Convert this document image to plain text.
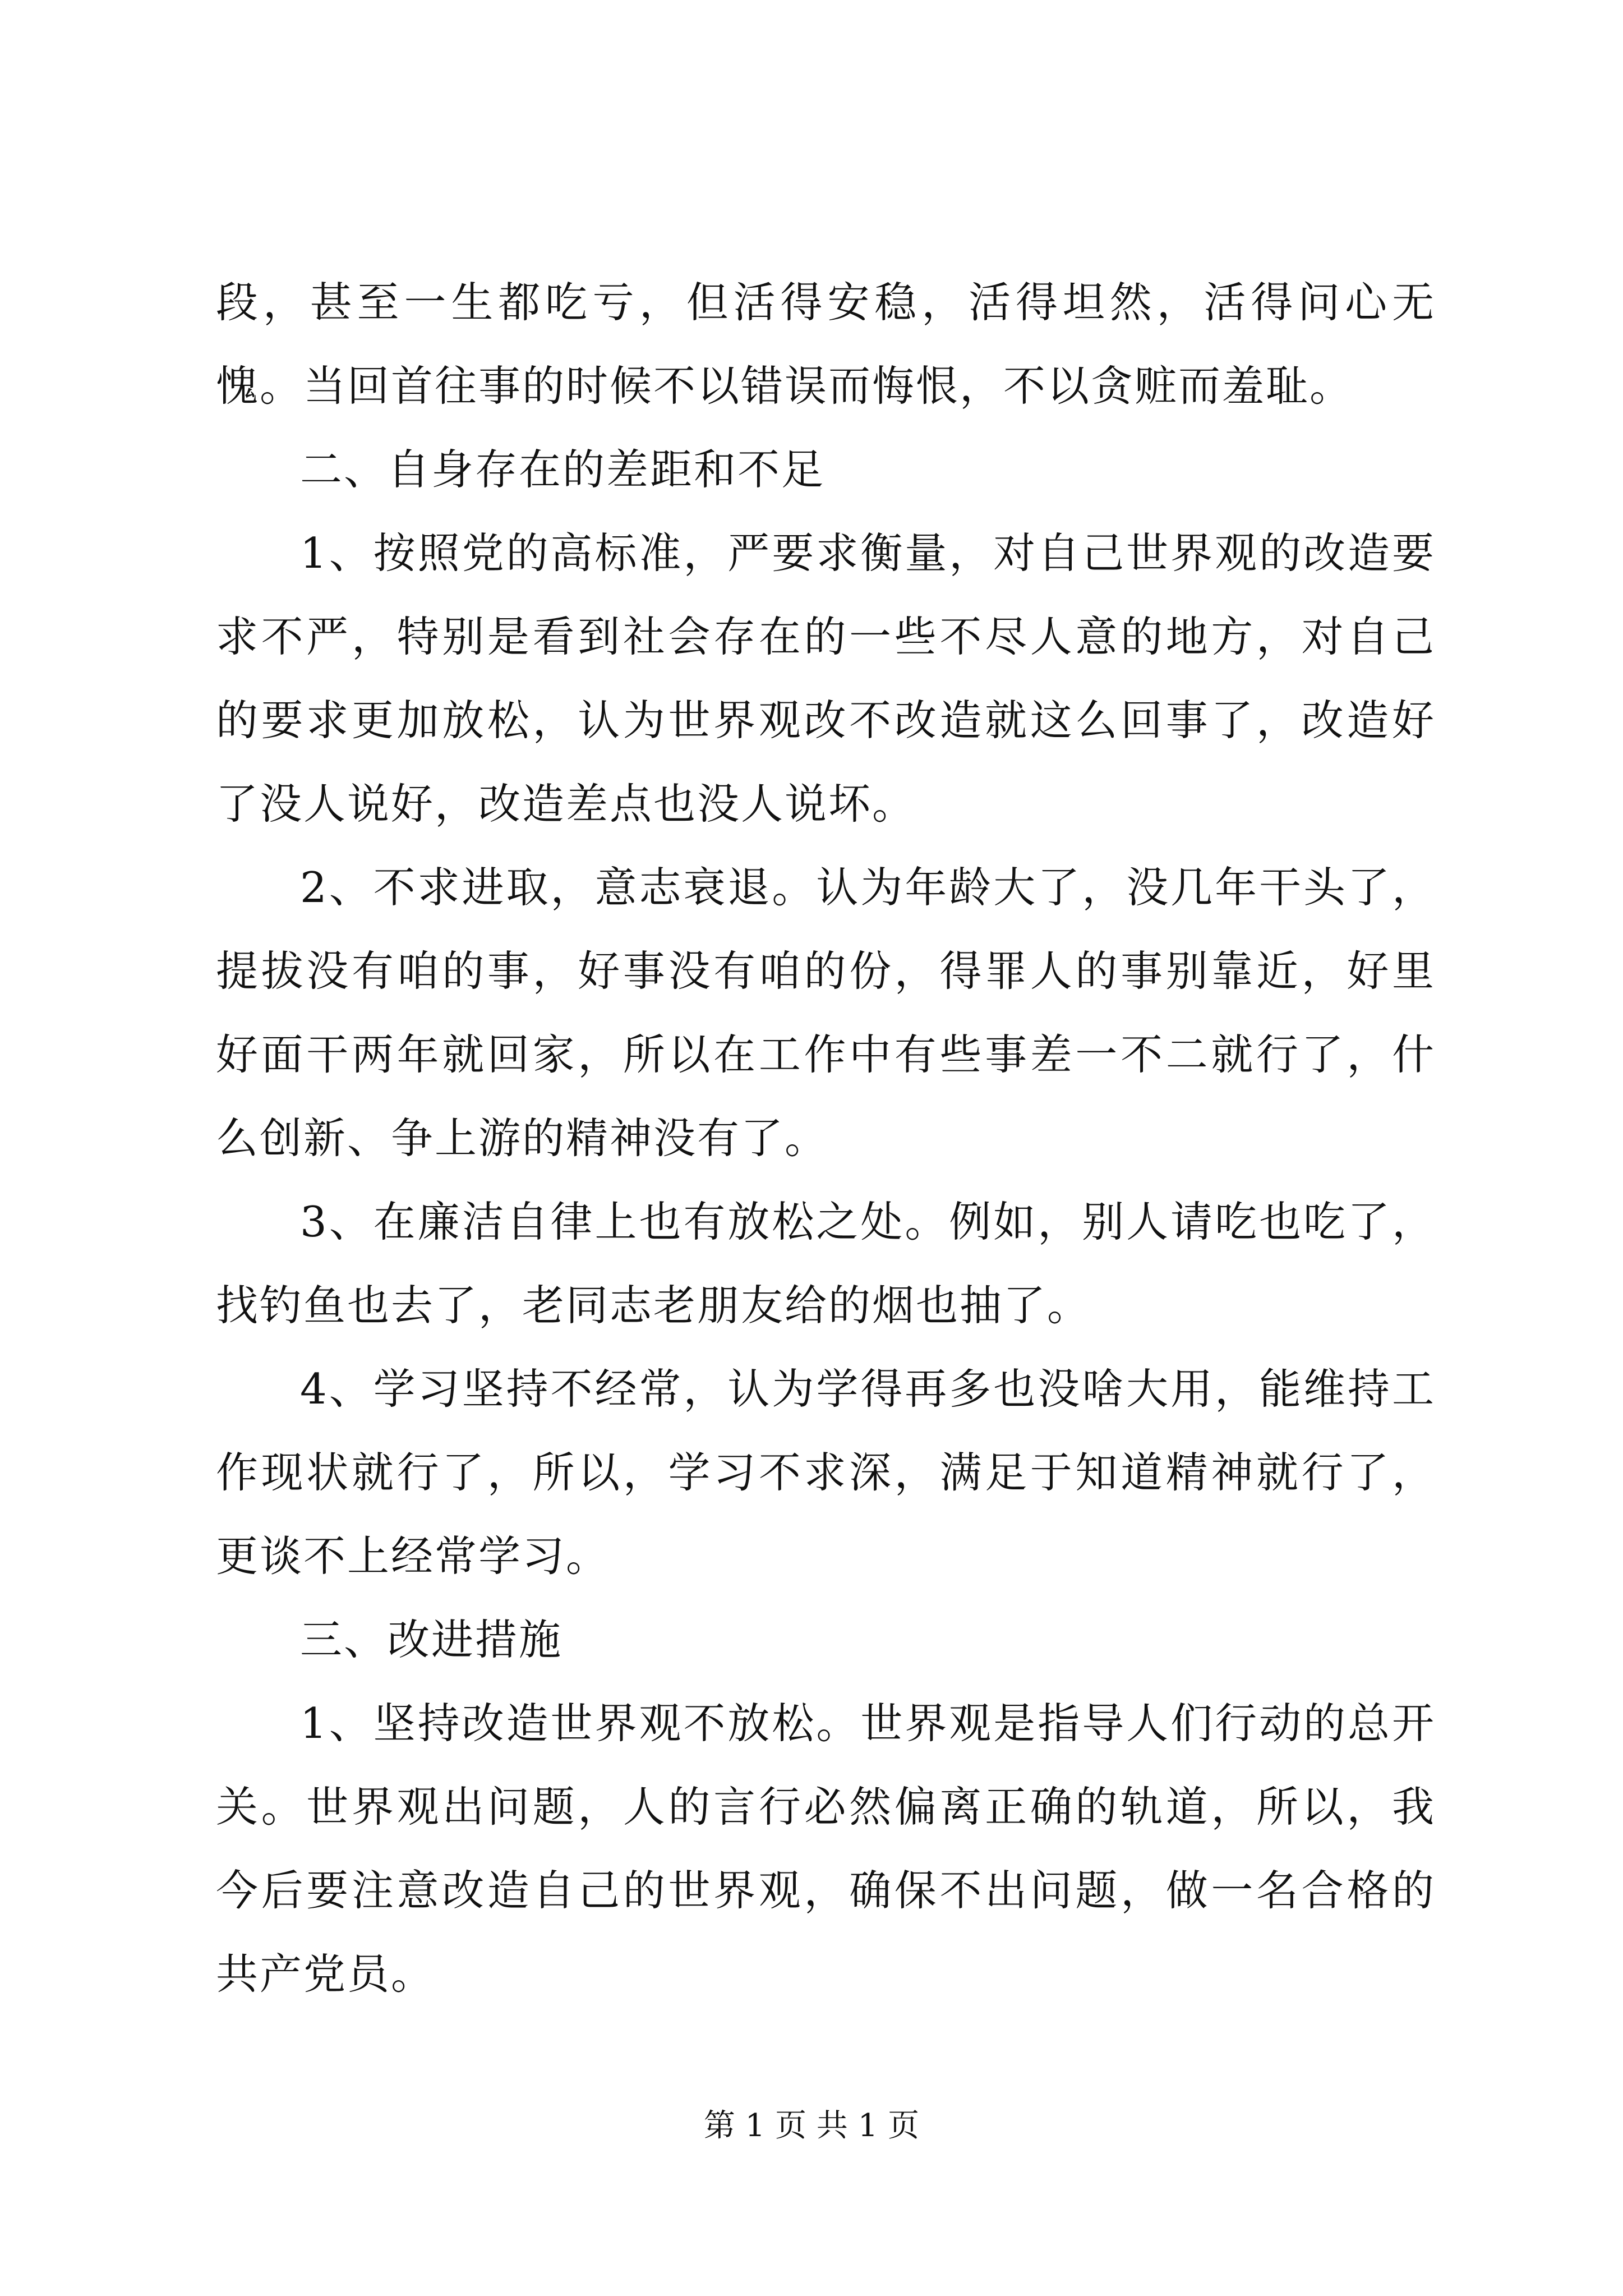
段，甚至一生都吃亏，但活得安稳，活得坦然，活得问心无愧。当回首往事的时候不以错误而悔恨，不以贪赃而羞耻。

二、自身存在的差距和不足

1、按照党的高标准，严要求衡量，对自己世界观的改造要求不严，特别是看到社会存在的一些不尽人意的地方，对自己的要求更加放松，认为世界观改不改造就这么回事了，改造好了没人说好，改造差点也没人说坏。

2、不求进取，意志衰退。认为年龄大了，没几年干头了，提拔没有咱的事，好事没有咱的份，得罪人的事别靠近，好里好面干两年就回家，所以在工作中有些事差一不二就行了，什么创新、争上游的精神没有了。

3、在廉洁自律上也有放松之处。例如，别人请吃也吃了，找钓鱼也去了，老同志老朋友给的烟也抽了。

4、学习坚持不经常，认为学得再多也没啥大用，能维持工作现状就行了，所以，学习不求深，满足于知道精神就行了，更谈不上经常学习。

三、改进措施

1、坚持改造世界观不放松。世界观是指导人们行动的总开关。世界观出问题，人的言行必然偏离正确的轨道，所以，我今后要注意改造自己的世界观，确保不出问题，做一名合格的共产党员。

第 1 页 共 1 页
